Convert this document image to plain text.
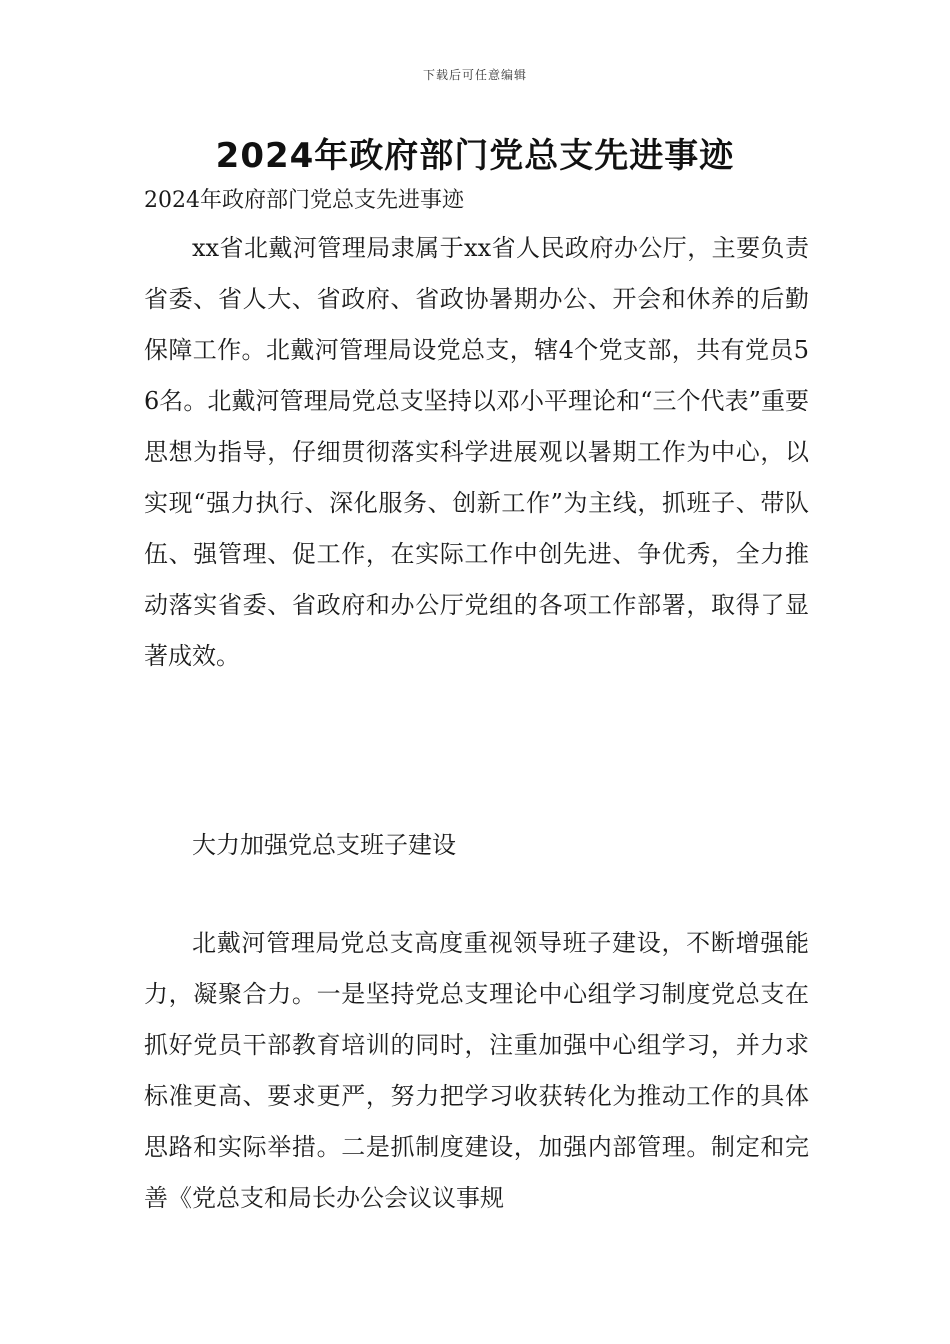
下载后可任意编辑
2024年政府部门党总支先进事迹
2024年政府部门党总支先进事迹

xx省北戴河管理局隶属于xx省人民政府办公厅，主要负责省委、省人大、省政府、省政协暑期办公、开会和休养的后勤保障工作。北戴河管理局设党总支，辖4个党支部，共有党员56名。北戴河管理局党总支坚持以邓小平理论和“三个代表”重要思想为指导，仔细贯彻落实科学进展观以暑期工作为中心，以实现“强力执行、深化服务、创新工作”为主线，抓班子、带队伍、强管理、促工作，在实际工作中创先进、争优秀，全力推动落实省委、省政府和办公厅党组的各项工作部署，取得了显著成效。

大力加强党总支班子建设

北戴河管理局党总支高度重视领导班子建设，不断增强能力，凝聚合力。一是坚持党总支理论中心组学习制度党总支在抓好党员干部教育培训的同时，注重加强中心组学习，并力求标准更高、要求更严，努力把学习收获转化为推动工作的具体思路和实际举措。二是抓制度建设，加强内部管理。制定和完善《党总支和局长办公会议议事规
